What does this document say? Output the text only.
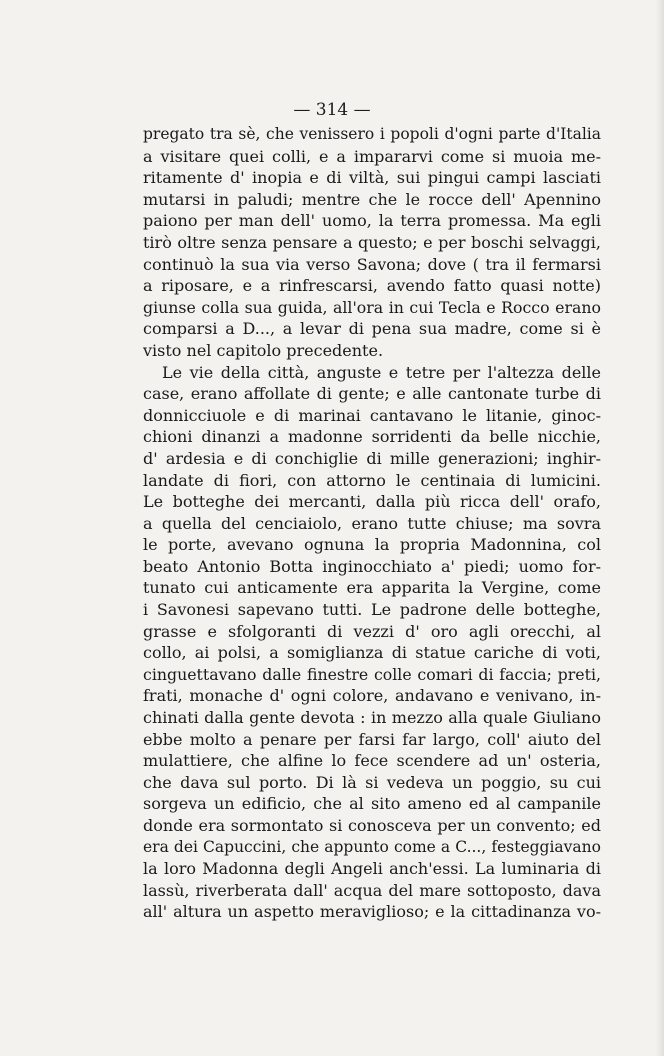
— 314 —

pregato tra sè, che venissero i popoli d'ogni parte d'Italia
a visitare quei colli, e a impararvi come si muoia me-
ritamente d' inopia e di viltà, sui pingui campi lasciati
mutarsi in paludi; mentre che le rocce dell' Apennino
paiono per man dell' uomo, la terra promessa. Ma egli
tirò oltre senza pensare a questo; e per boschi selvaggi,
continuò la sua via verso Savona; dove ( tra il fermarsi
a riposare, e a rinfrescarsi, avendo fatto quasi notte)
giunse colla sua guida, all'ora in cui Tecla e Rocco erano
comparsi a D..., a levar di pena sua madre, come si è
visto nel capitolo precedente.
Le vie della città, anguste e tetre per l'altezza delle
case, erano affollate di gente; e alle cantonate turbe di
donnicciuole e di marinai cantavano le litanie, ginoc-
chioni dinanzi a madonne sorridenti da belle nicchie,
d' ardesia e di conchiglie di mille generazioni; inghir-
landate di fiori, con attorno le centinaia di lumicini.
Le botteghe dei mercanti, dalla più ricca dell' orafo,
a quella del cenciaiolo, erano tutte chiuse; ma sovra
le porte, avevano ognuna la propria Madonnina, col
beato Antonio Botta inginocchiato a' piedi; uomo for-
tunato cui anticamente era apparita la Vergine, come
i Savonesi sapevano tutti. Le padrone delle botteghe,
grasse e sfolgoranti di vezzi d' oro agli orecchi, al
collo, ai polsi, a somiglianza di statue cariche di voti,
cinguettavano dalle finestre colle comari di faccia; preti,
frati, monache d' ogni colore, andavano e venivano, in-
chinati dalla gente devota : in mezzo alla quale Giuliano
ebbe molto a penare per farsi far largo, coll' aiuto del
mulattiere, che alfine lo fece scendere ad un' osteria,
che dava sul porto. Di là si vedeva un poggio, su cui
sorgeva un edificio, che al sito ameno ed al campanile
donde era sormontato si conosceva per un convento; ed
era dei Capuccini, che appunto come a C..., festeggiavano
la loro Madonna degli Angeli anch'essi. La luminaria di
lassù, riverberata dall' acqua del mare sottoposto, dava
all' altura un aspetto meraviglioso; e la cittadinanza vo-
